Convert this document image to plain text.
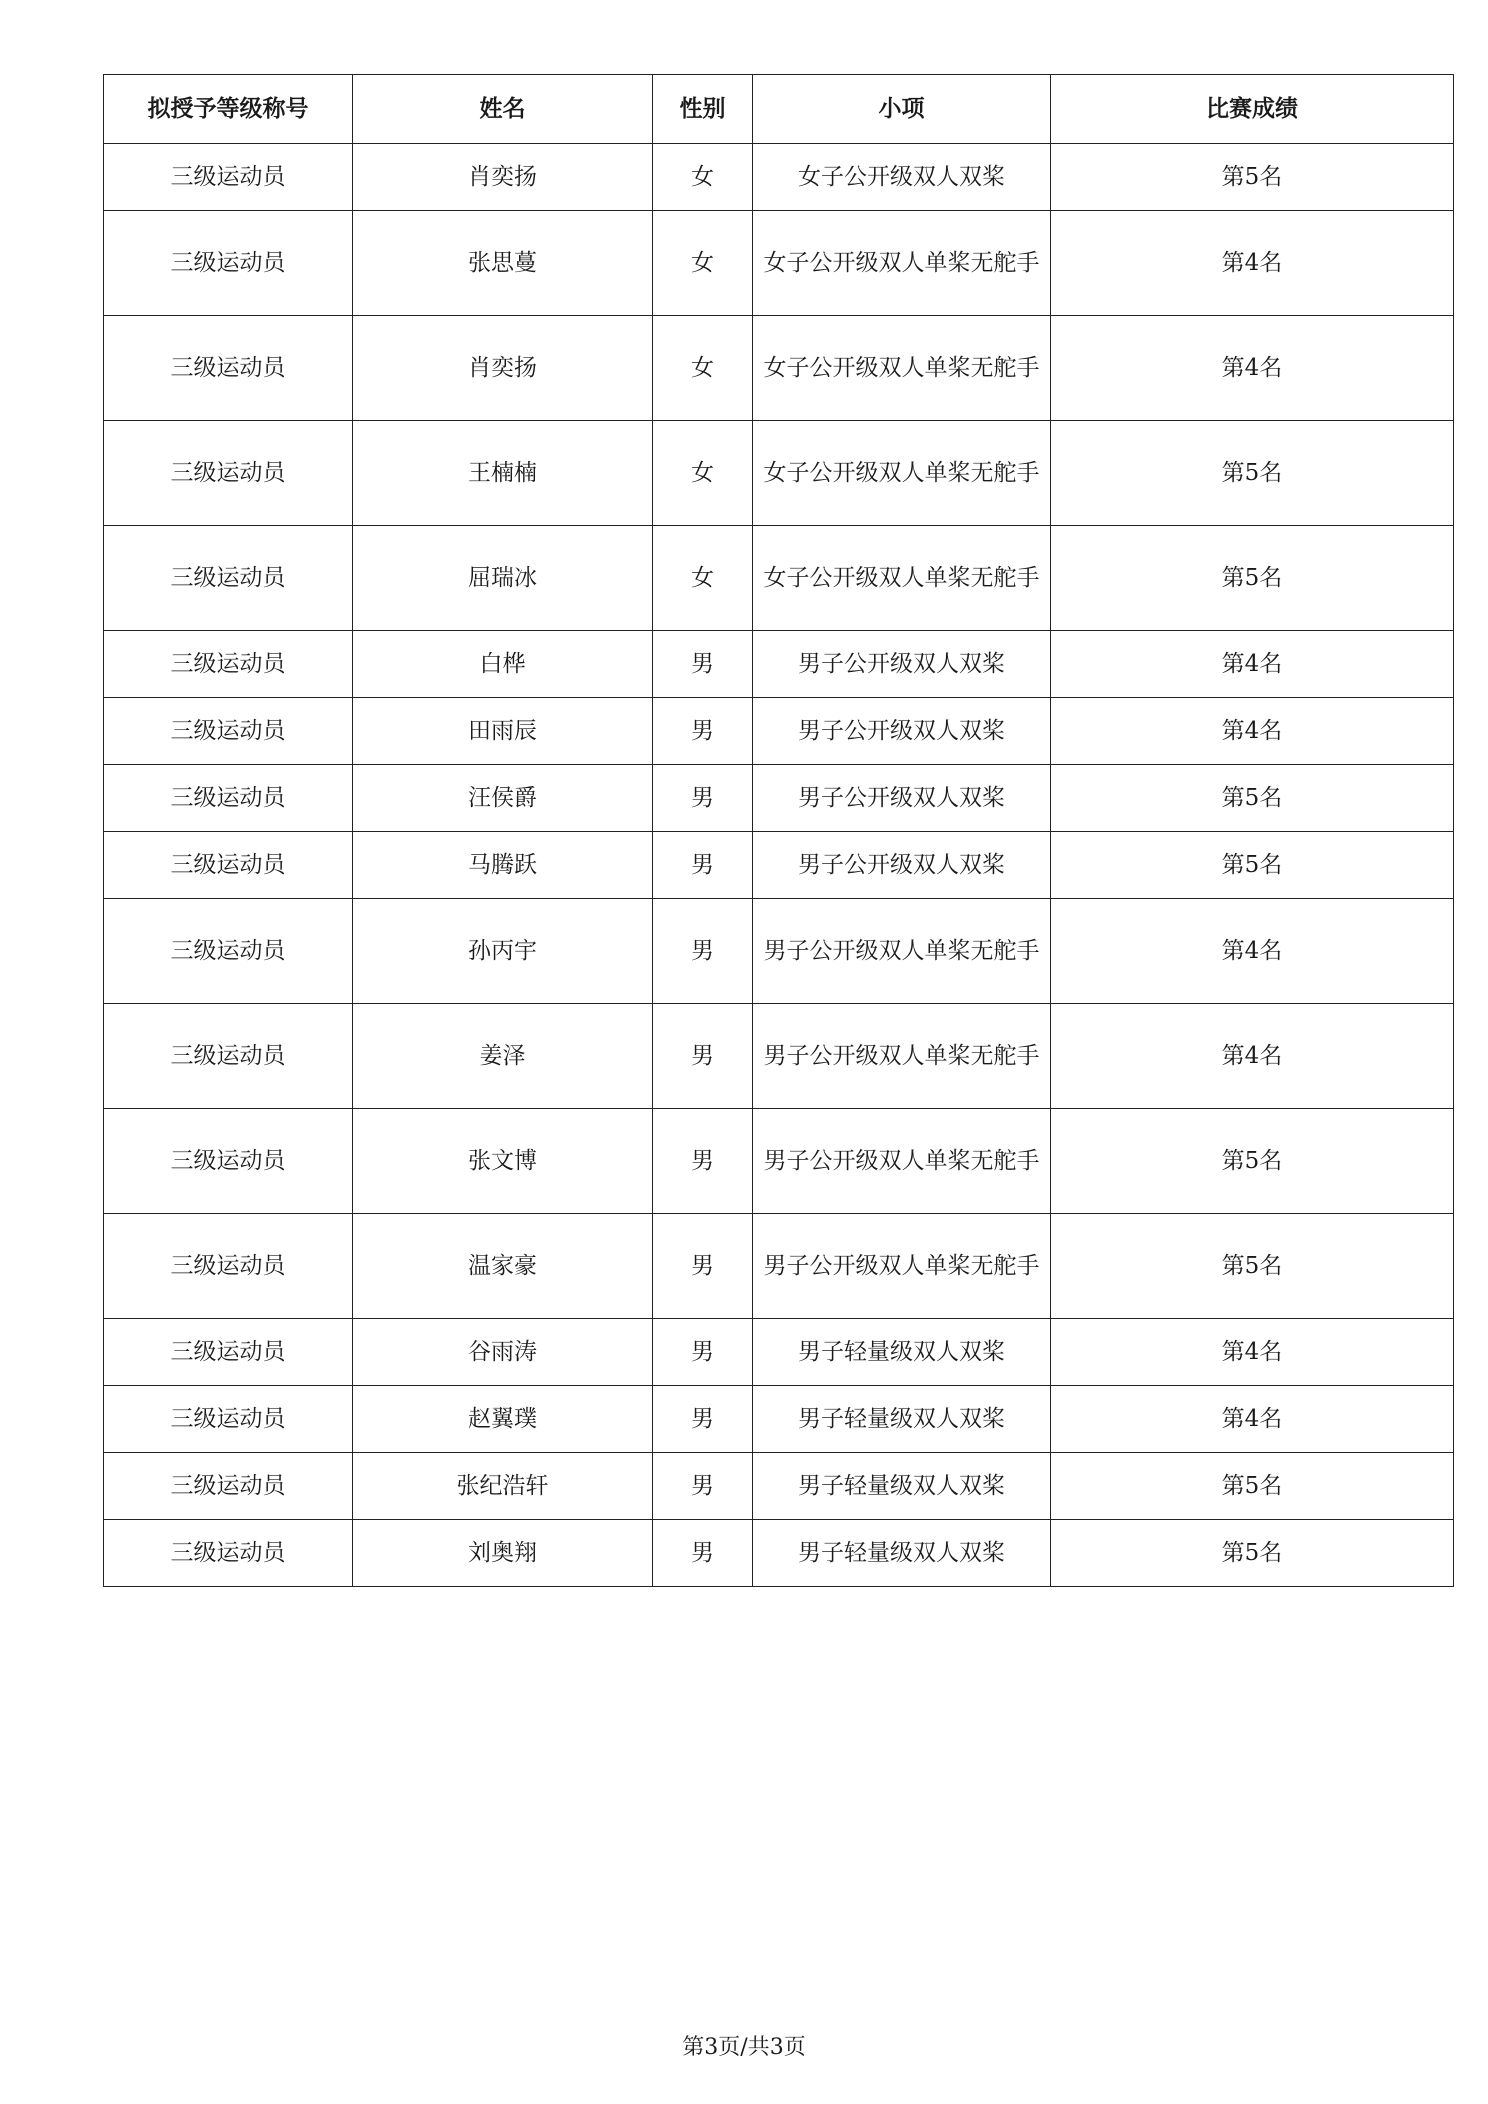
拟授予等级称号	姓名	性别	小项	比赛成绩
三级运动员	肖奕扬	女	女子公开级双人双桨	第5名
三级运动员	张思蔓	女	女子公开级双人单桨无舵手	第4名
三级运动员	肖奕扬	女	女子公开级双人单桨无舵手	第4名
三级运动员	王楠楠	女	女子公开级双人单桨无舵手	第5名
三级运动员	屈瑞冰	女	女子公开级双人单桨无舵手	第5名
三级运动员	白桦	男	男子公开级双人双桨	第4名
三级运动员	田雨辰	男	男子公开级双人双桨	第4名
三级运动员	汪侯爵	男	男子公开级双人双桨	第5名
三级运动员	马腾跃	男	男子公开级双人双桨	第5名
三级运动员	孙丙宇	男	男子公开级双人单桨无舵手	第4名
三级运动员	姜泽	男	男子公开级双人单桨无舵手	第4名
三级运动员	张文博	男	男子公开级双人单桨无舵手	第5名
三级运动员	温家豪	男	男子公开级双人单桨无舵手	第5名
三级运动员	谷雨涛	男	男子轻量级双人双桨	第4名
三级运动员	赵翼璞	男	男子轻量级双人双桨	第4名
三级运动员	张纪浩轩	男	男子轻量级双人双桨	第5名
三级运动员	刘奥翔	男	男子轻量级双人双桨	第5名
第3页/共3页
